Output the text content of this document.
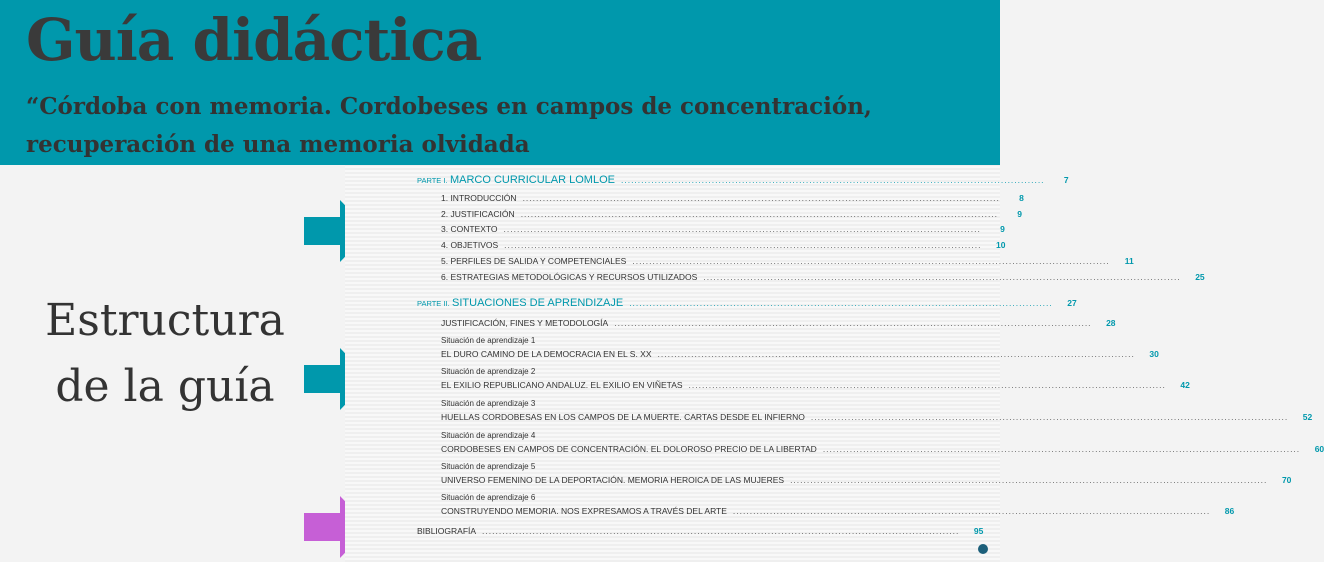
Guía didáctica
“Córdoba con memoria. Cordobeses en campos de concentración,
recuperación de una memoria olvidada
Estructura
de la guía
PARTE I. MARCO CURRICULAR LOMLOE ..............................................................................................................................	7
1. INTRODUCCIÓN ..............................................................................................................................................	8
2. JUSTIFICACIÓN ..............................................................................................................................................	9
3. CONTEXTO ..............................................................................................................................................	9
4. OBJETIVOS ..............................................................................................................................................	10
5. PERFILES DE SALIDA Y COMPETENCIALES ..............................................................................................................................................	11
6. ESTRATEGIAS METODOLÓGICAS Y RECURSOS UTILIZADOS ..............................................................................................................................................	25
PARTE II. SITUACIONES DE APRENDIZAJE ..............................................................................................................................	27
JUSTIFICACIÓN, FINES Y METODOLOGÍA ..............................................................................................................................................	28
Situación de aprendizaje 1
EL DURO CAMINO DE LA DEMOCRACIA EN EL S. XX ..............................................................................................................................................	30
Situación de aprendizaje 2
EL EXILIO REPUBLICANO ANDALUZ. EL EXILIO EN VIÑETAS ..............................................................................................................................................	42
Situación de aprendizaje 3
HUELLAS CORDOBESAS EN LOS CAMPOS DE LA MUERTE. CARTAS DESDE EL INFIERNO ..............................................................................................................................................	52
Situación de aprendizaje 4
CORDOBESES EN CAMPOS DE CONCENTRACIÓN. EL DOLOROSO PRECIO DE LA LIBERTAD ..............................................................................................................................................	60
Situación de aprendizaje 5
UNIVERSO FEMENINO DE LA DEPORTACIÓN. MEMORIA HEROICA DE LAS MUJERES ..............................................................................................................................................	70
Situación de aprendizaje 6
CONSTRUYENDO MEMORIA. NOS EXPRESAMOS A TRAVÉS DEL ARTE ..............................................................................................................................................	86
BIBLIOGRAFÍA ..............................................................................................................................................	95
